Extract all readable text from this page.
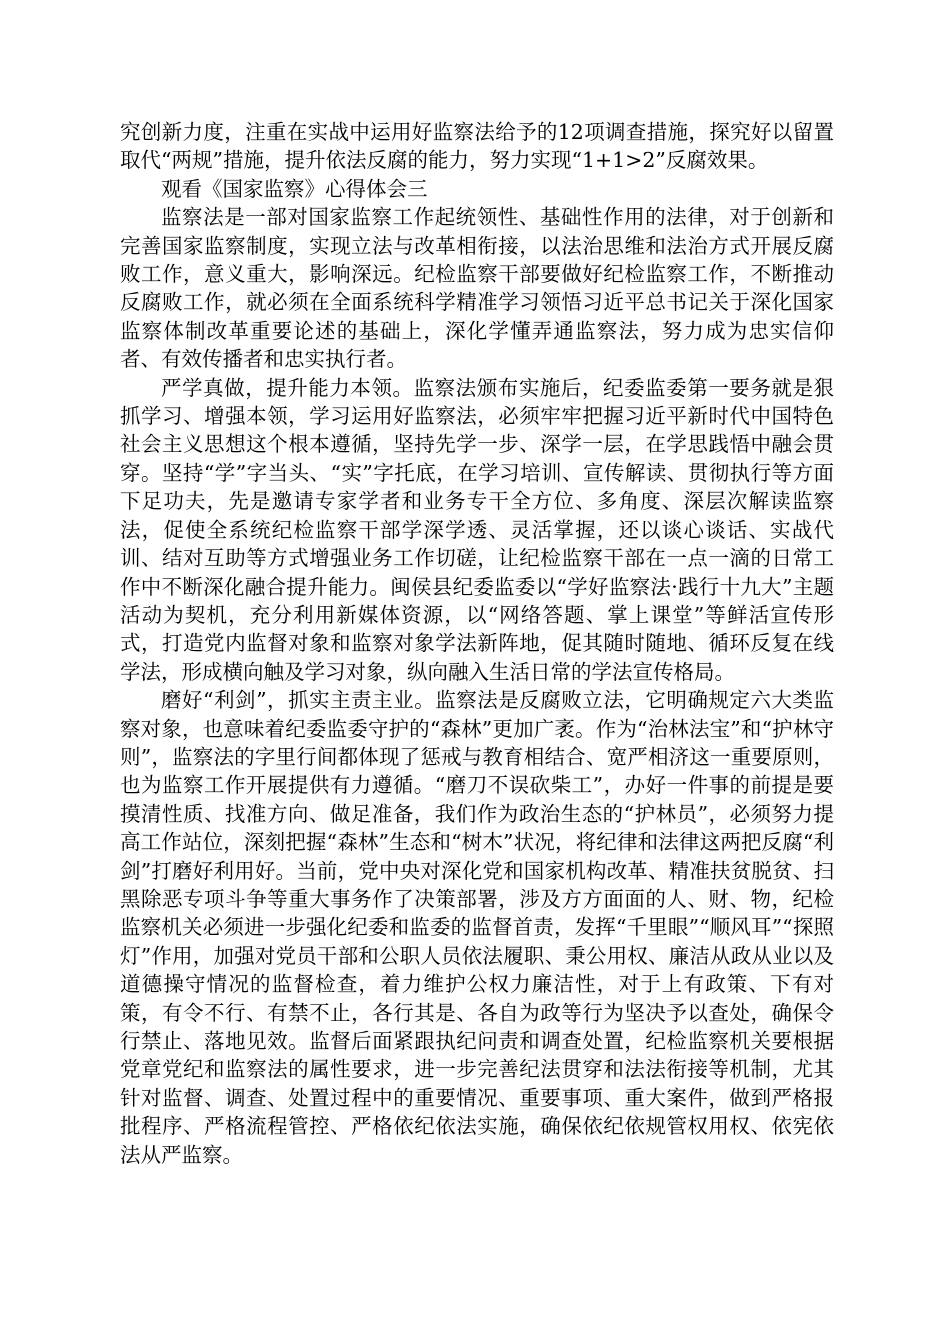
究创新力度，注重在实战中运用好监察法给予的12项调查措施，探究好以留置取代“两规”措施，提升依法反腐的能力，努力实现“1+1>2”反腐效果。

观看《国家监察》心得体会三

监察法是一部对国家监察工作起统领性、基础性作用的法律，对于创新和完善国家监察制度，实现立法与改革相衔接，以法治思维和法治方式开展反腐败工作，意义重大，影响深远。纪检监察干部要做好纪检监察工作，不断推动反腐败工作，就必须在全面系统科学精准学习领悟习近平总书记关于深化国家监察体制改革重要论述的基础上，深化学懂弄通监察法，努力成为忠实信仰者、有效传播者和忠实执行者。

严学真做，提升能力本领。监察法颁布实施后，纪委监委第一要务就是狠抓学习、增强本领，学习运用好监察法，必须牢牢把握习近平新时代中国特色社会主义思想这个根本遵循，坚持先学一步、深学一层，在学思践悟中融会贯穿。坚持“学”字当头、“实”字托底，在学习培训、宣传解读、贯彻执行等方面下足功夫，先是邀请专家学者和业务专干全方位、多角度、深层次解读监察法，促使全系统纪检监察干部学深学透、灵活掌握，还以谈心谈话、实战代训、结对互助等方式增强业务工作切磋，让纪检监察干部在一点一滴的日常工作中不断深化融合提升能力。闽侯县纪委监委以“学好监察法·践行十九大”主题活动为契机，充分利用新媒体资源，以“网络答题、掌上课堂”等鲜活宣传形式，打造党内监督对象和监察对象学法新阵地，促其随时随地、循环反复在线学法，形成横向触及学习对象，纵向融入生活日常的学法宣传格局。

磨好“利剑”，抓实主责主业。监察法是反腐败立法，它明确规定六大类监察对象，也意味着纪委监委守护的“森林”更加广袤。作为“治林法宝”和“护林守则”，监察法的字里行间都体现了惩戒与教育相结合、宽严相济这一重要原则，也为监察工作开展提供有力遵循。“磨刀不误砍柴工”，办好一件事的前提是要摸清性质、找准方向、做足准备，我们作为政治生态的“护林员”，必须努力提高工作站位，深刻把握“森林”生态和“树木”状况，将纪律和法律这两把反腐“利剑”打磨好利用好。当前，党中央对深化党和国家机构改革、精准扶贫脱贫、扫黑除恶专项斗争等重大事务作了决策部署，涉及方方面面的人、财、物，纪检监察机关必须进一步强化纪委和监委的监督首责，发挥“千里眼”“顺风耳”“探照灯”作用，加强对党员干部和公职人员依法履职、秉公用权、廉洁从政从业以及道德操守情况的监督检查，着力维护公权力廉洁性，对于上有政策、下有对策，有令不行、有禁不止，各行其是、各自为政等行为坚决予以查处，确保令行禁止、落地见效。监督后面紧跟执纪问责和调查处置，纪检监察机关要根据党章党纪和监察法的属性要求，进一步完善纪法贯穿和法法衔接等机制，尤其针对监督、调查、处置过程中的重要情况、重要事项、重大案件，做到严格报批程序、严格流程管控、严格依纪依法实施，确保依纪依规管权用权、依宪依法从严监察。
